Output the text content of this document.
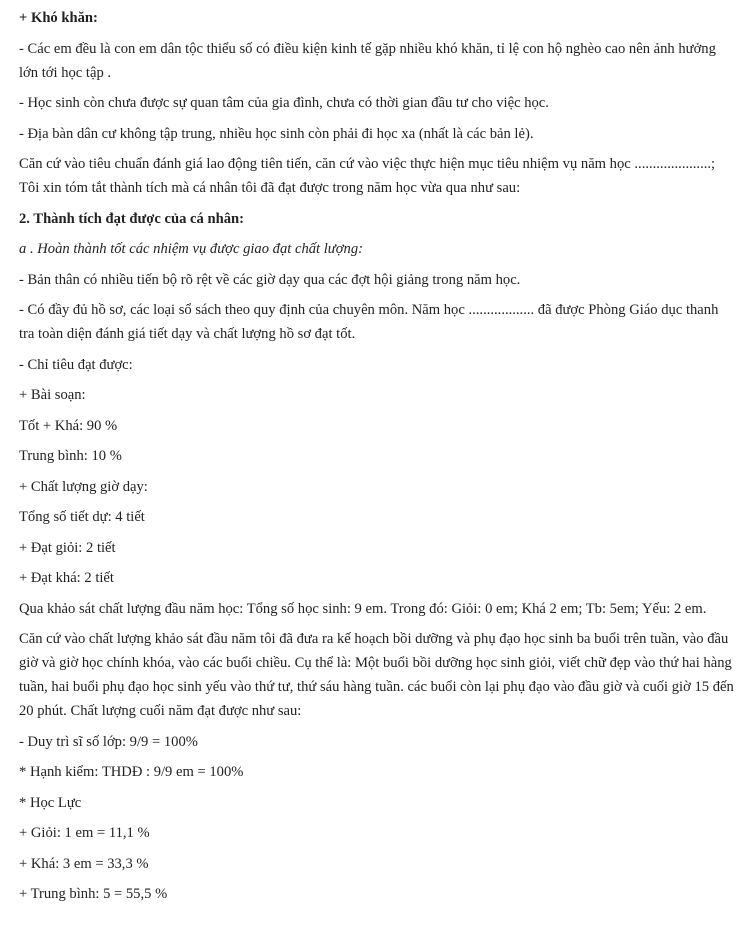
+ Khó khăn:

- Các em đều là con em dân tộc thiểu số có điều kiện kinh tế gặp nhiều khó khăn, tỉ lệ con hộ nghèo cao nên ảnh hưởng lớn tới học tập .

- Học sinh còn chưa được sự quan tâm của gia đình, chưa có thời gian đầu tư cho việc học.

- Địa bàn dân cư không tập trung, nhiều học sinh còn phải đi học xa (nhất là các bản lẻ).

Căn cứ vào tiêu chuẩn đánh giá lao động tiên tiến, căn cứ vào việc thực hiện mục tiêu nhiệm vụ năm học .....................; Tôi xin tóm tắt thành tích mà cá nhân tôi đã đạt được trong năm học vừa qua như sau:

2. Thành tích đạt được của cá nhân:

a . Hoàn thành tốt các nhiệm vụ được giao đạt chất lượng:

- Bản thân có nhiều tiến bộ rõ rệt về các giờ dạy qua các đợt hội giảng trong năm học.

- Có đầy đủ hồ sơ, các loại sổ sách theo quy định của chuyên môn. Năm học .................. đã được Phòng Giáo dục thanh tra toàn diện đánh giá tiết dạy và chất lượng hồ sơ đạt tốt.

- Chỉ tiêu đạt được:

+ Bài soạn:

Tốt + Khá: 90 %

Trung bình: 10 %

+ Chất lượng giờ dạy:

Tổng số tiết dự: 4 tiết

+ Đạt giỏi: 2 tiết

+ Đạt khá: 2 tiết

Qua khảo sát chất lượng đầu năm học: Tổng số học sinh: 9 em. Trong đó: Giỏi: 0 em; Khá 2 em; Tb: 5em; Yếu: 2 em.

Căn cứ vào chất lượng khảo sát đầu năm tôi đã đưa ra kế hoạch bồi dưỡng và phụ đạo học sinh ba buổi trên tuần, vào đầu giờ và giờ học chính khóa, vào các buổi chiều. Cụ thể là: Một buổi bồi dưỡng học sinh giỏi, viết chữ đẹp vào thứ hai hàng tuần, hai buổi phụ đạo học sinh yếu vào thứ tư, thứ sáu hàng tuần. các buổi còn lại phụ đạo vào đầu giờ và cuối giờ 15 đến 20 phút. Chất lượng cuối năm đạt được như sau:

- Duy trì sĩ số lớp: 9/9 = 100%

* Hạnh kiểm: THDĐ : 9/9 em = 100%

* Học Lực

+ Giỏi: 1 em = 11,1 %

+ Khá: 3 em = 33,3 %

+ Trung bình: 5 = 55,5 %
